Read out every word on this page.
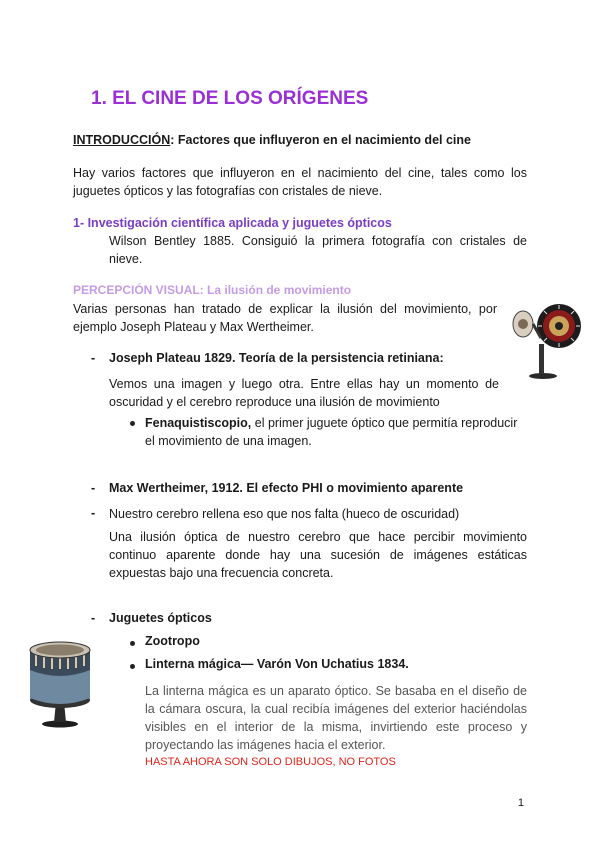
1. EL CINE DE LOS ORÍGENES
INTRODUCCIÓN: Factores que influyeron en el nacimiento del cine
Hay varios factores que influyeron en el nacimiento del cine, tales como los juguetes ópticos y las fotografías con cristales de nieve.
1- Investigación científica aplicada y juguetes ópticos
Wilson Bentley 1885. Consiguió la primera fotografía con cristales de nieve.
PERCEPCIÓN VISUAL: La ilusión de movimiento
Varias personas han tratado de explicar la ilusión del movimiento, por ejemplo Joseph Plateau y Max Wertheimer.
- Joseph Plateau 1829. Teoría de la persistencia retiniana:
Vemos una imagen y luego otra. Entre ellas hay un momento de oscuridad y el cerebro reproduce una ilusión de movimiento
Fenaquistiscopio, el primer juguete óptico que permitía reproducir el movimiento de una imagen.
- Max Wertheimer, 1912. El efecto PHI o movimiento aparente
- Nuestro cerebro rellena eso que nos falta (hueco de oscuridad)
Una ilusión óptica de nuestro cerebro que hace percibir movimiento continuo aparente donde hay una sucesión de imágenes estáticas expuestas bajo una frecuencia concreta.
- Juguetes ópticos
Zootropo
Linterna mágica— Varón Von Uchatius 1834.
La linterna mágica es un aparato óptico. Se basaba en el diseño de la cámara oscura, la cual recibía imágenes del exterior haciéndolas visibles en el interior de la misma, invirtiendo este proceso y proyectando las imágenes hacia el exterior.
HASTA AHORA SON SOLO DIBUJOS, NO FOTOS
1
